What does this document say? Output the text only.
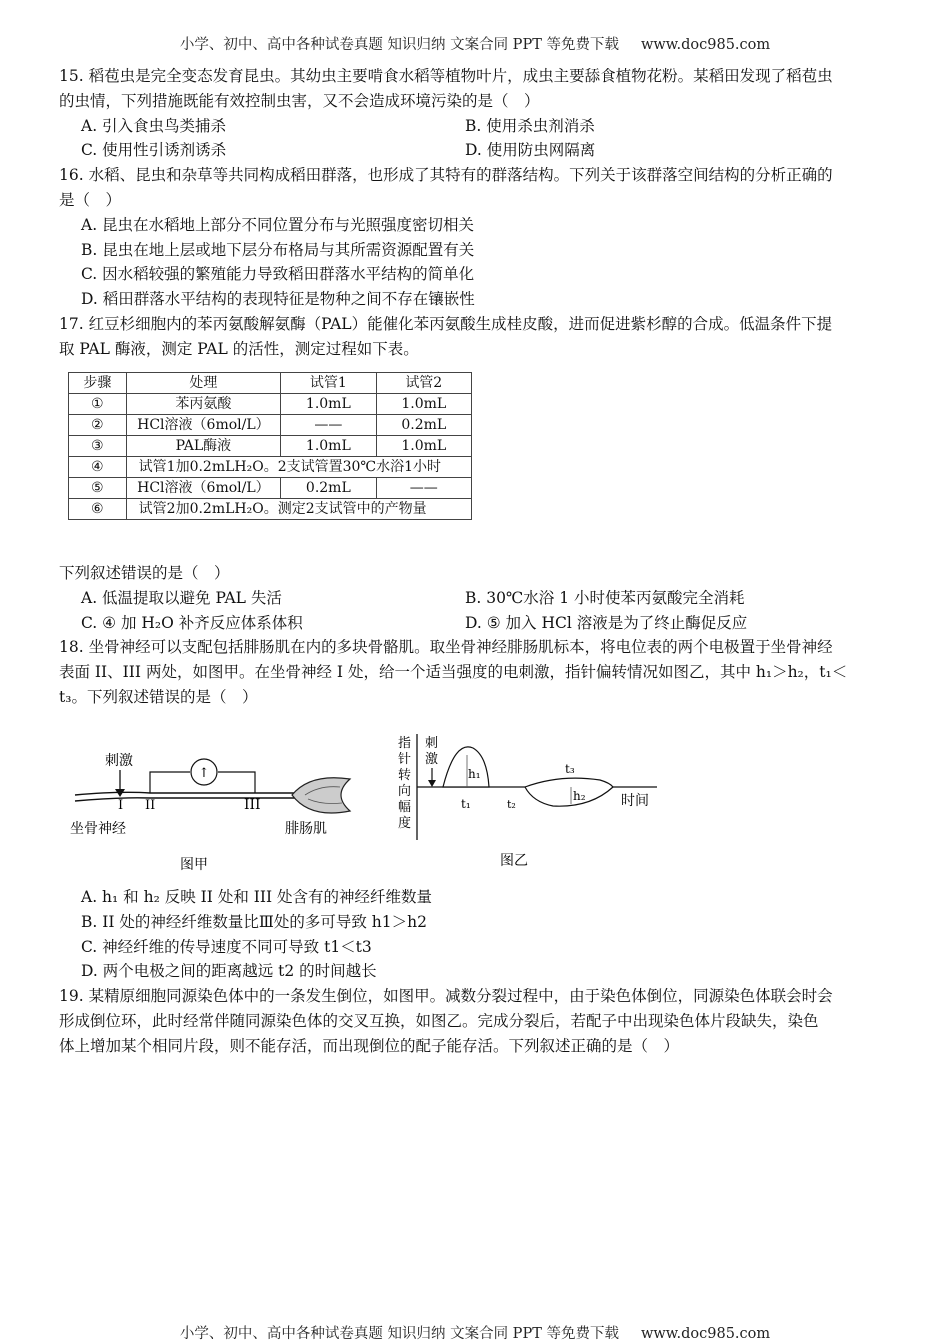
小学、初中、高中各种试卷真题 知识归纳 文案合同 PPT 等免费下载 www.doc985.com
15. 稻苞虫是完全变态发育昆虫。其幼虫主要啃食水稻等植物叶片，成虫主要舔食植物花粉。某稻田发现了稻苞虫
的虫情，下列措施既能有效控制虫害，又不会造成环境污染的是（　）
A. 引入食虫鸟类捕杀	B. 使用杀虫剂消杀
C. 使用性引诱剂诱杀	D. 使用防虫网隔离
16. 水稻、昆虫和杂草等共同构成稻田群落，也形成了其特有的群落结构。下列关于该群落空间结构的分析正确的
是（　）
A. 昆虫在水稻地上部分不同位置分布与光照强度密切相关
B. 昆虫在地上层或地下层分布格局与其所需资源配置有关
C. 因水稻较强的繁殖能力导致稻田群落水平结构的简单化
D. 稻田群落水平结构的表现特征是物种之间不存在镶嵌性
17. 红豆杉细胞内的苯丙氨酸解氨酶（PAL）能催化苯丙氨酸生成桂皮酸，进而促进紫杉醇的合成。低温条件下提
取 PAL 酶液，测定 PAL 的活性，测定过程如下表。
步骤	处理	试管1	试管2
①	苯丙氨酸	1.0mL	1.0mL
②	HCl溶液（6mol/L）	——	0.2mL
③	PAL酶液	1.0mL	1.0mL
④	试管1加0.2mLH₂O。2支试管置30℃水浴1小时		
⑤	HCl溶液（6mol/L）	0.2mL	——
⑥	试管2加0.2mLH₂O。测定2支试管中的产物量		
下列叙述错误的是（　）
A. 低温提取以避免 PAL 失活	B. 30℃水浴 1 小时使苯丙氨酸完全消耗
C. ④ 加 H₂O 补齐反应体系体积	D. ⑤ 加入 HCl 溶液是为了终止酶促反应
18. 坐骨神经可以支配包括腓肠肌在内的多块骨骼肌。取坐骨神经腓肠肌标本，将电位表的两个电极置于坐骨神经
表面 II、III 两处，如图甲。在坐骨神经 I 处，给一个适当强度的电刺激，指针偏转情况如图乙，其中 h₁＞h₂，t₁＜
t₃。下列叙述错误的是（　）
刺激
↑
I II	III
坐骨神经	腓肠肌
图甲
指
针
转
向
幅
度
刺
激
h₁
h₂
t₁	t₂
t₃
时间
图乙
A. h₁ 和 h₂ 反映 II 处和 III 处含有的神经纤维数量
B. II 处的神经纤维数量比Ⅲ处的多可导致 h1＞h2
C. 神经纤维的传导速度不同可导致 t1＜t3
D. 两个电极之间的距离越远 t2 的时间越长
19. 某精原细胞同源染色体中的一条发生倒位，如图甲。减数分裂过程中，由于染色体倒位，同源染色体联会时会
形成倒位环，此时经常伴随同源染色体的交叉互换，如图乙。完成分裂后，若配子中出现染色体片段缺失，染色
体上增加某个相同片段，则不能存活，而出现倒位的配子能存活。下列叙述正确的是（　）
小学、初中、高中各种试卷真题 知识归纳 文案合同 PPT 等免费下载 www.doc985.com
